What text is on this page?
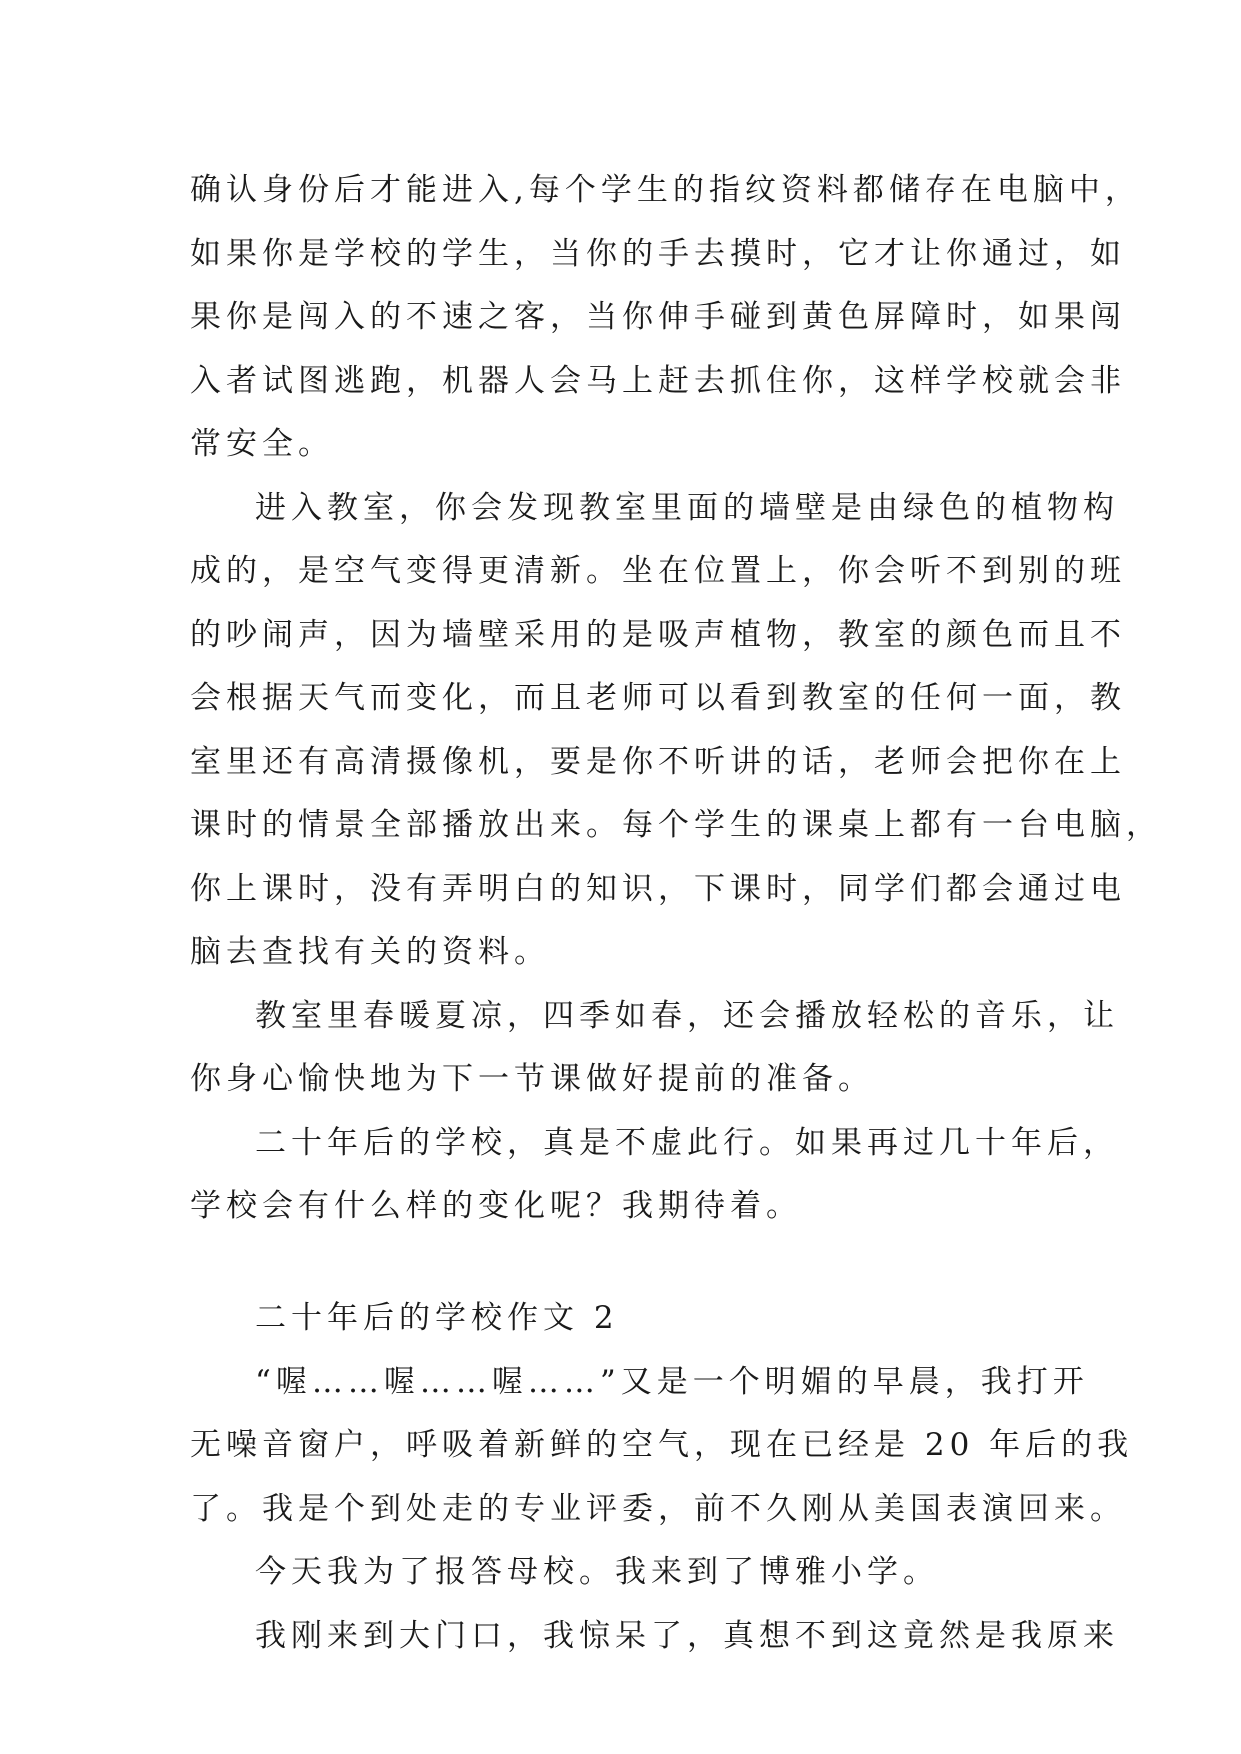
确认身份后才能进入,每个学生的指纹资料都储存在电脑中，
如果你是学校的学生，当你的手去摸时，它才让你通过，如
果你是闯入的不速之客，当你伸手碰到黄色屏障时，如果闯
入者试图逃跑，机器人会马上赶去抓住你，这样学校就会非
常安全。
进入教室，你会发现教室里面的墙壁是由绿色的植物构
成的，是空气变得更清新。坐在位置上，你会听不到别的班
的吵闹声，因为墙壁采用的是吸声植物，教室的颜色而且不
会根据天气而变化，而且老师可以看到教室的任何一面，教
室里还有高清摄像机，要是你不听讲的话，老师会把你在上
课时的情景全部播放出来。每个学生的课桌上都有一台电脑，
你上课时，没有弄明白的知识，下课时，同学们都会通过电
脑去查找有关的资料。
教室里春暖夏凉，四季如春，还会播放轻松的音乐，让
你身心愉快地为下一节课做好提前的准备。
二十年后的学校，真是不虚此行。如果再过几十年后，
学校会有什么样的变化呢？我期待着。
二十年后的学校作文 2
“喔……喔……喔……”又是一个明媚的早晨，我打开
无噪音窗户，呼吸着新鲜的空气，现在已经是 20 年后的我
了。我是个到处走的专业评委，前不久刚从美国表演回来。
今天我为了报答母校。我来到了博雅小学。
我刚来到大门口，我惊呆了，真想不到这竟然是我原来
